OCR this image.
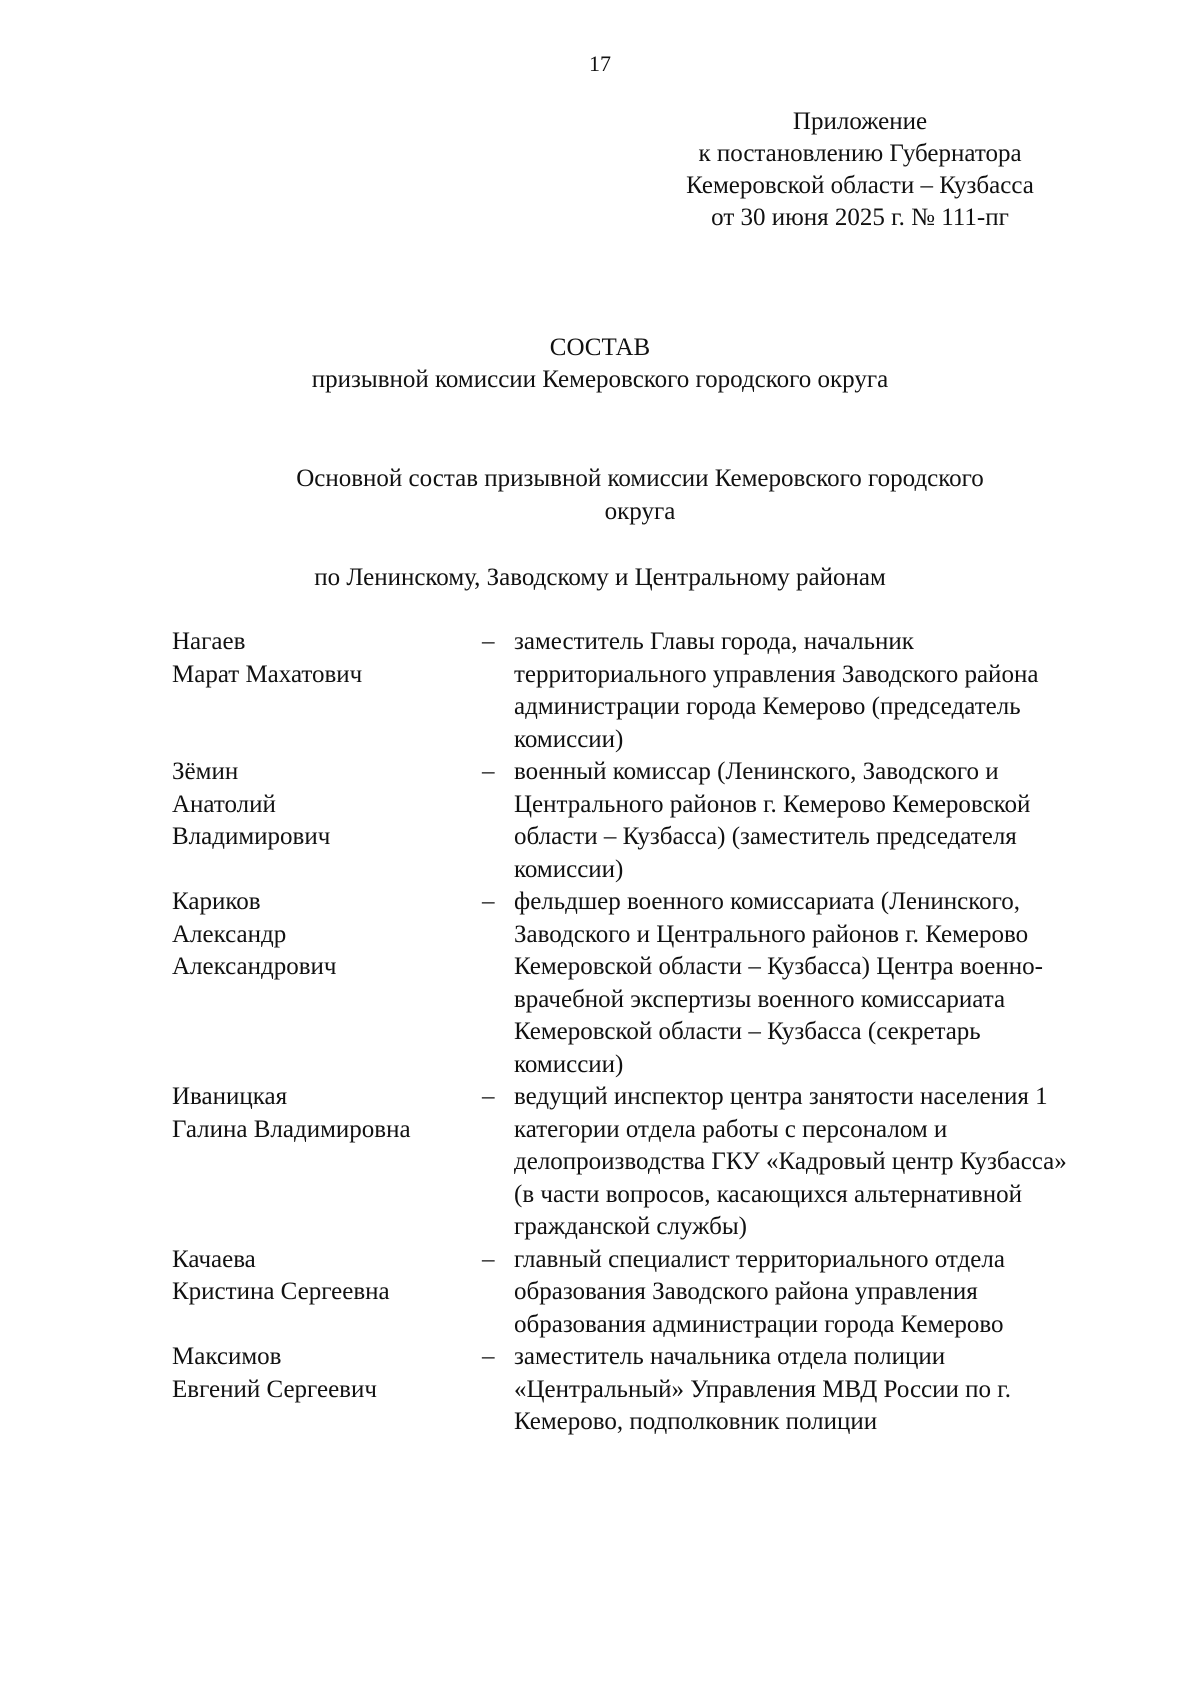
17
Приложение
к постановлению Губернатора
Кемеровской области – Кузбасса
от 30 июня 2025 г. № 111-пг
СОСТАВ
призывной комиссии Кемеровского городского округа
Основной состав призывной комиссии Кемеровского городского
округа
по Ленинскому, Заводскому и Центральному районам
Нагаев
Марат Махатович
– заместитель Главы города, начальник территориального управления Заводского района администрации города Кемерово (председатель комиссии)
Зёмин
Анатолий
Владимирович
– военный комиссар (Ленинского, Заводского и Центрального районов г. Кемерово Кемеровской области – Кузбасса) (заместитель председателя комиссии)
Кариков
Александр
Александрович
– фельдшер военного комиссариата (Ленинского, Заводского и Центрального районов г. Кемерово Кемеровской области – Кузбасса) Центра военно-врачебной экспертизы военного комиссариата Кемеровской области – Кузбасса (секретарь комиссии)
Иваницкая
Галина Владимировна
– ведущий инспектор центра занятости населения 1 категории отдела работы с персоналом и делопроизводства ГКУ «Кадровый центр Кузбасса» (в части вопросов, касающихся альтернативной гражданской службы)
Качаева
Кристина Сергеевна
– главный специалист территориального отдела образования Заводского района управления образования администрации города Кемерово
Максимов
Евгений Сергеевич
– заместитель начальника отдела полиции «Центральный» Управления МВД России по г. Кемерово, подполковник полиции
